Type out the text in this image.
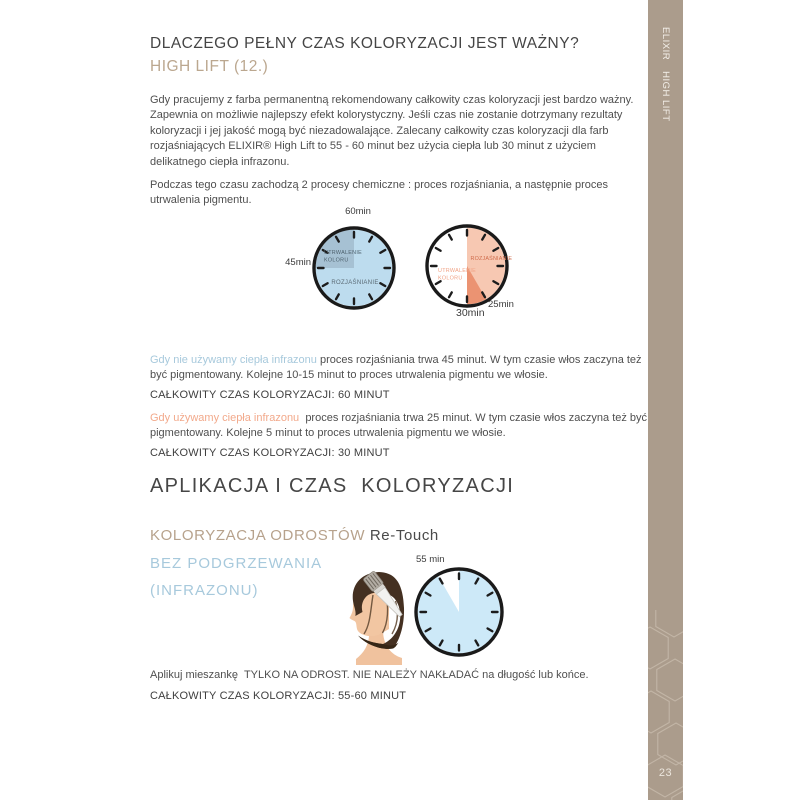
DLACZEGO PEŁNY CZAS KOLORYZACJI JEST WAŻNY?
HIGH LIFT (12.)
Gdy pracujemy z farba permanentną rekomendowany całkowity czas koloryzacji jest bardzo ważny. Zapewnia on możliwie najlepszy efekt kolorystyczny. Jeśli czas nie zostanie dotrzymany rezultaty koloryzacji i jej jakość mogą być niezadowalające. Zalecany całkowity czas koloryzacji dla farb rozjaśniających ELIXIR® High Lift to 55 - 60 minut bez użycia ciepła lub 30 minut z użyciem delikatnego ciepła infrazonu.
Podczas tego czasu zachodzą 2 procesy chemiczne : proces rozjaśniania, a następnie proces utrwalenia pigmentu.
60min
45min
UTRWALENIE
KOLORU
ROZJAŚNIANIE
25min
30min
ROZJAŚNIANIE
UTRWALENIE
KOLORU
Gdy nie używamy ciepła infrazonu proces rozjaśniania trwa 45 minut. W tym czasie włos zaczyna też być pigmentowany. Kolejne 10-15 minut to proces utrwalenia pigmentu we włosie.
CAŁKOWITY CZAS KOLORYZACJI: 60 MINUT
Gdy używamy ciepła infrazonu proces rozjaśniania trwa 25 minut. W tym czasie włos zaczyna też być pigmentowany. Kolejne 5 minut to proces utrwalenia pigmentu we włosie.
CAŁKOWITY CZAS KOLORYZACJI: 30 MINUT
APLIKACJA I CZAS  KOLORYZACJI
KOLORYZACJA ODROSTÓW Re-Touch
BEZ PODGRZEWANIA
(INFRAZONU)
55 min
Aplikuj mieszankę  TYLKO NA ODROST. NIE NALEŻY NAKŁADAĆ na długość lub końce.
CAŁKOWITY CZAS KOLORYZACJI: 55-60 MINUT
ELIXIRHIGH LIFT
23
